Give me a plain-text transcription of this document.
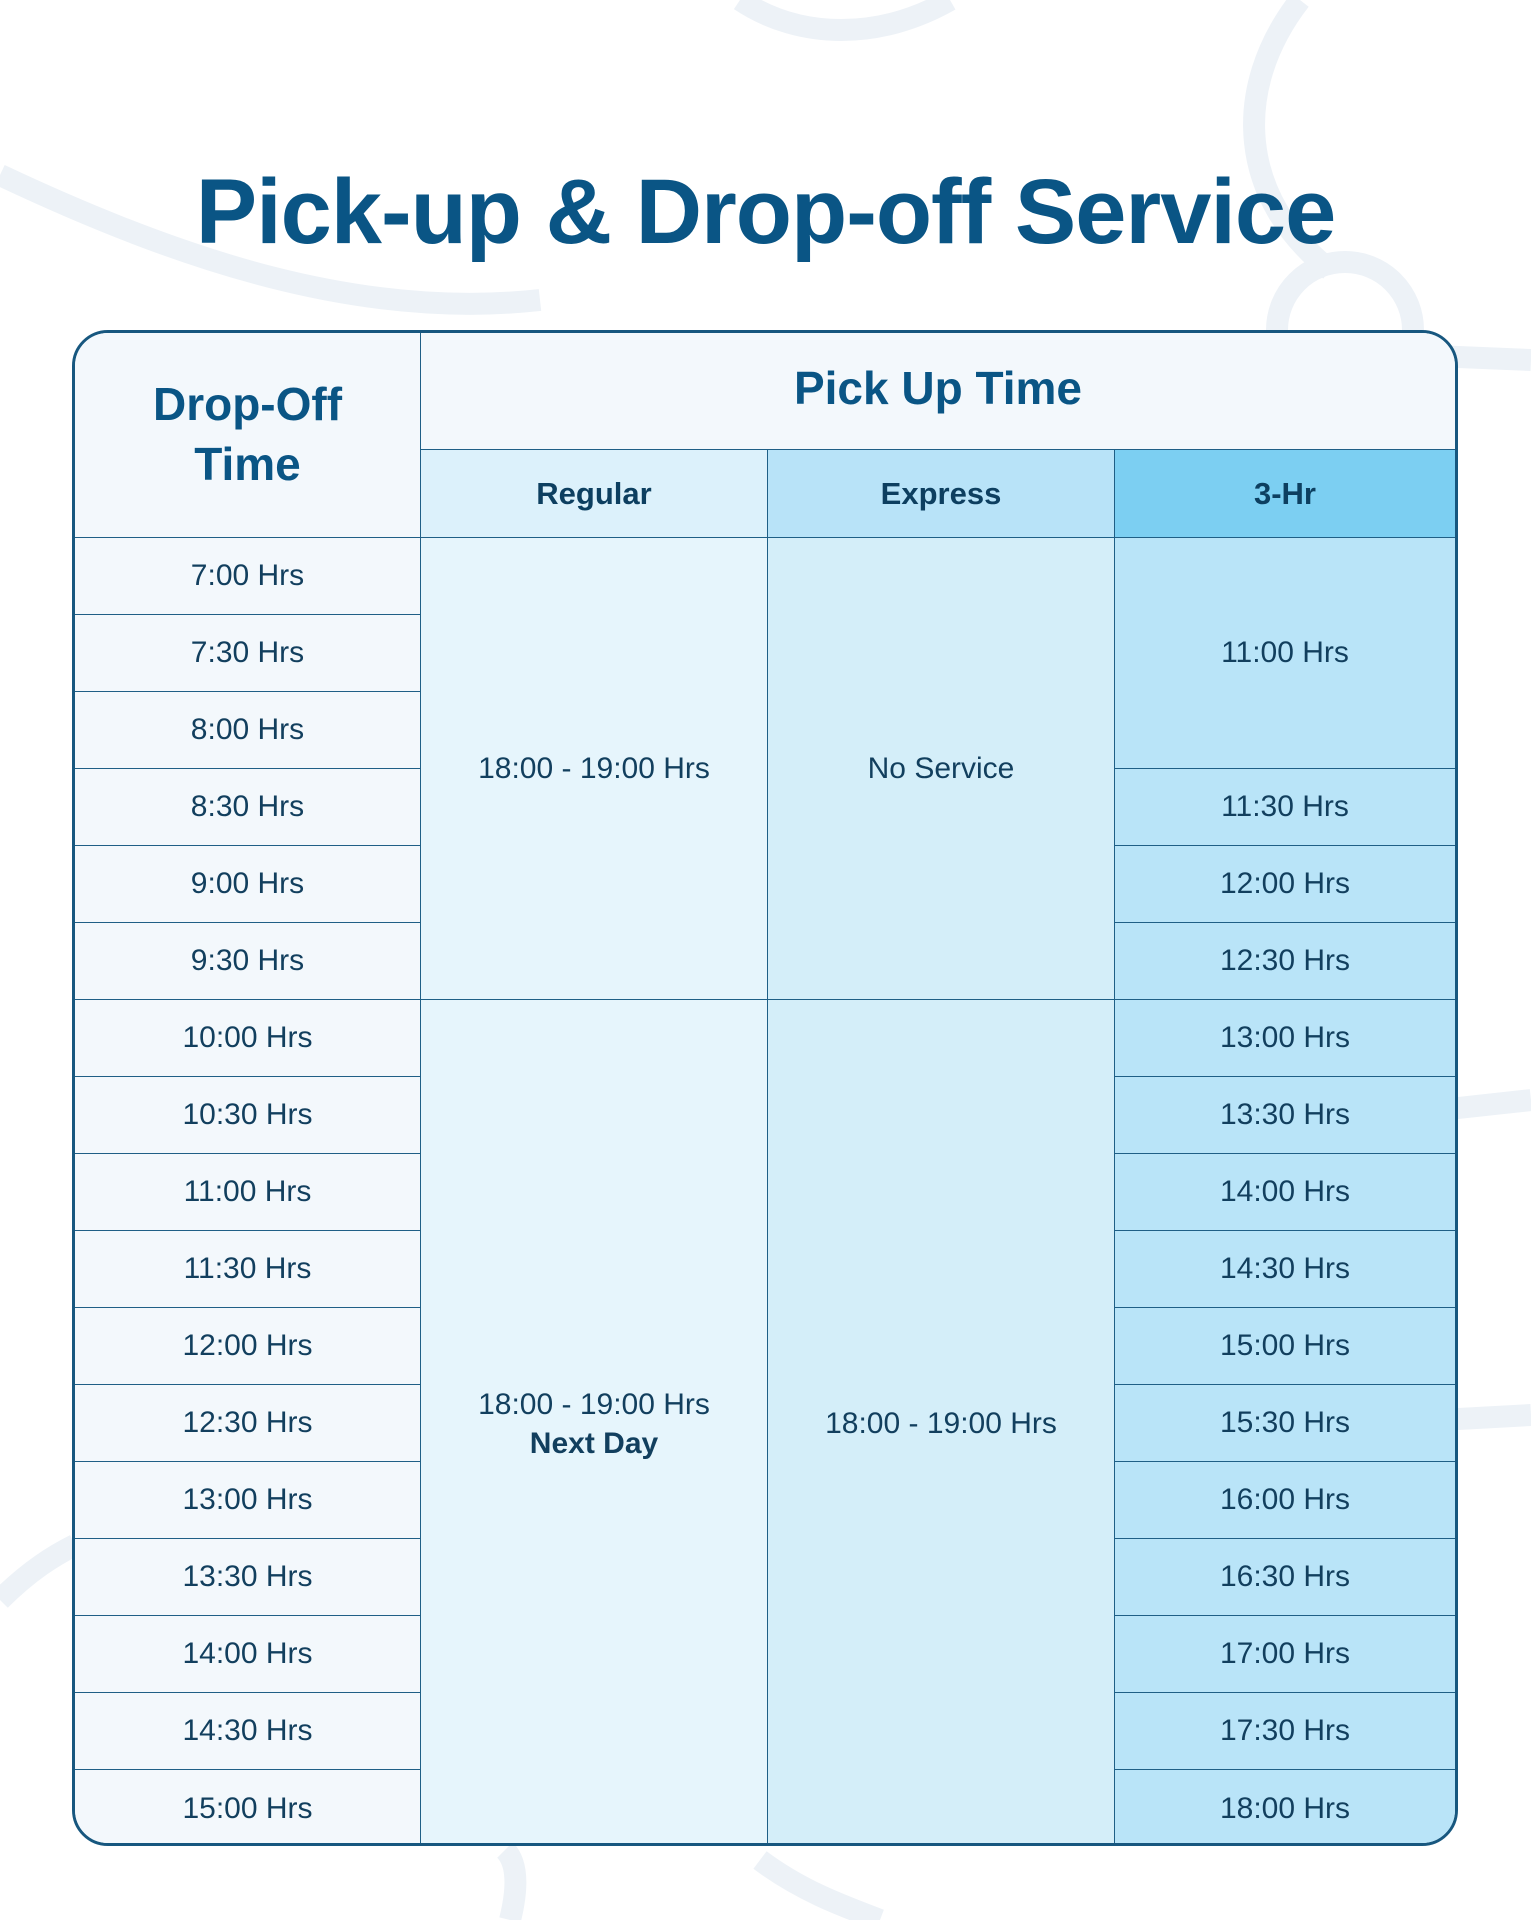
Pick-up & Drop-off Service
Drop-Off
Time
Pick Up Time
Regular	Express	3-Hr
18:00 - 19:00 Hrs
18:00 - 19:00 Hrs
Next Day
No Service
18:00 - 19:00 Hrs
7:00 Hrs
7:30 Hrs
8:00 Hrs
8:30 Hrs
9:00 Hrs
9:30 Hrs
10:00 Hrs
10:30 Hrs
11:00 Hrs
11:30 Hrs
12:00 Hrs
12:30 Hrs
13:00 Hrs
13:30 Hrs
14:00 Hrs
14:30 Hrs
15:00 Hrs
11:00 Hrs
11:30 Hrs
12:00 Hrs
12:30 Hrs
13:00 Hrs
13:30 Hrs
14:00 Hrs
14:30 Hrs
15:00 Hrs
15:30 Hrs
16:00 Hrs
16:30 Hrs
17:00 Hrs
17:30 Hrs
18:00 Hrs
